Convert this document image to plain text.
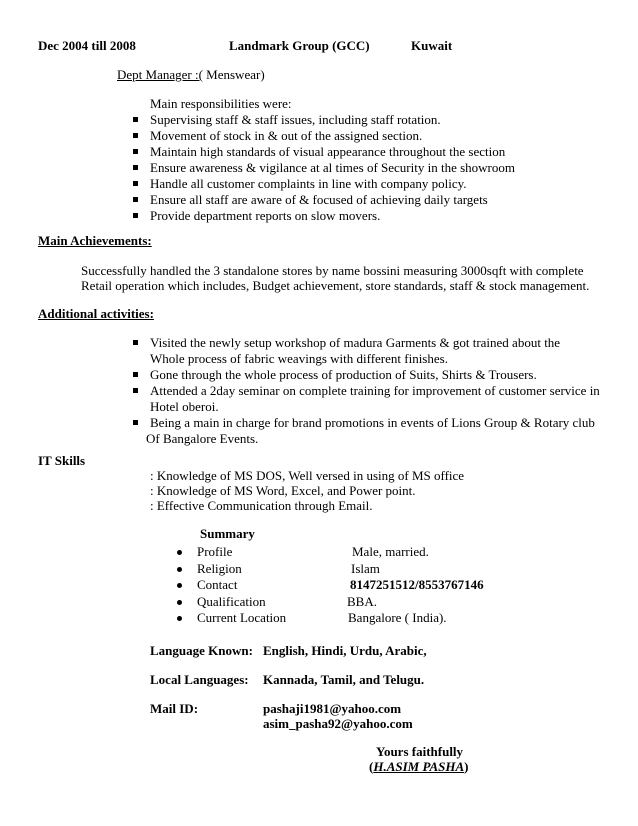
Dec 2004 till 2008	Landmark Group (GCC)	Kuwait
Dept Manager :( Menswear)
Main responsibilities were:
Supervising staff & staff issues, including staff rotation.
Movement of stock in & out of the assigned section.
Maintain high standards of visual appearance throughout the section
Ensure awareness & vigilance at al times of Security in the showroom
Handle all customer complaints in line with company policy.
Ensure all staff are aware of & focused of achieving daily targets
Provide department reports on slow movers.
Main Achievements:
Successfully handled the 3 standalone stores by name bossini measuring 3000sqft with complete
Retail operation which includes, Budget achievement, store standards, staff & stock management.
Additional activities:
Visited the newly setup workshop of madura Garments & got trained about the
Whole process of fabric weavings with different finishes.
Gone through the whole process of production of Suits, Shirts & Trousers.
Attended a 2day seminar on complete training for improvement of customer service in
Hotel oberoi.
Being a main in charge for brand promotions in events of Lions Group & Rotary club
Of Bangalore Events.
IT Skills
: Knowledge of MS DOS, Well versed in using of MS office
: Knowledge of MS Word, Excel, and Power point.
: Effective Communication through Email.
Summary
Profile	Male, married.
Religion	Islam
Contact	8147251512/8553767146
Qualification	BBA.
Current Location	Bangalore ( India).
Language Known: English, Hindi, Urdu, Arabic,
Local Languages: Kannada, Tamil, and Telugu.
Mail ID:	pashaji1981@yahoo.com
asim_pasha92@yahoo.com
Yours faithfully
(H.ASIM PASHA)
